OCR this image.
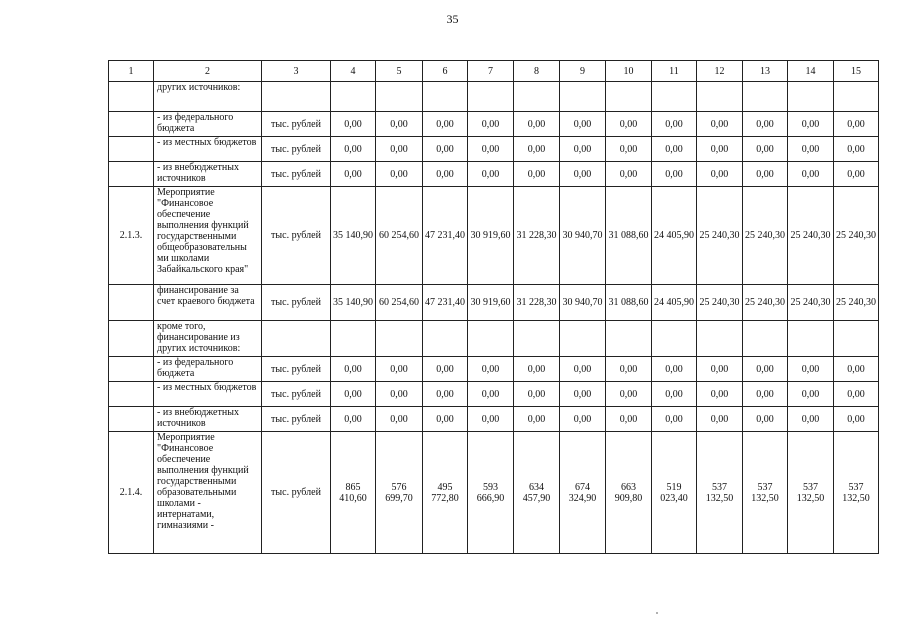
35
1	2	3	4	5	6	7	8	9	10	11	12	13	14	15
	других источников:													
	- из федерального бюджета	тыс. рублей	0,00	0,00	0,00	0,00	0,00	0,00	0,00	0,00	0,00	0,00	0,00	0,00
	- из местных бюджетов	тыс. рублей	0,00	0,00	0,00	0,00	0,00	0,00	0,00	0,00	0,00	0,00	0,00	0,00
	- из внебюджетных источников	тыс. рублей	0,00	0,00	0,00	0,00	0,00	0,00	0,00	0,00	0,00	0,00	0,00	0,00
2.1.3.	Мероприятие "Финансовое обеспечение выполнения функций государственными общеобразовательны ми школами Забайкальского края"	тыс. рублей	35 140,90	60 254,60	47 231,40	30 919,60	31 228,30	30 940,70	31 088,60	24 405,90	25 240,30	25 240,30	25 240,30	25 240,30
	финансирование за счет краевого бюджета	тыс. рублей	35 140,90	60 254,60	47 231,40	30 919,60	31 228,30	30 940,70	31 088,60	24 405,90	25 240,30	25 240,30	25 240,30	25 240,30
	кроме того, финансирование из других источников:													
	- из федерального бюджета	тыс. рублей	0,00	0,00	0,00	0,00	0,00	0,00	0,00	0,00	0,00	0,00	0,00	0,00
	- из местных бюджетов	тыс. рублей	0,00	0,00	0,00	0,00	0,00	0,00	0,00	0,00	0,00	0,00	0,00	0,00
	- из внебюджетных источников	тыс. рублей	0,00	0,00	0,00	0,00	0,00	0,00	0,00	0,00	0,00	0,00	0,00	0,00
2.1.4.	Мероприятие "Финансовое обеспечение выполнения функций государственными образовательными школами - интернатами, гимназиями -	тыс. рублей	865 410,60	576 699,70	495 772,80	593 666,90	634 457,90	674 324,90	663 909,80	519 023,40	537 132,50	537 132,50	537 132,50	537 132,50
